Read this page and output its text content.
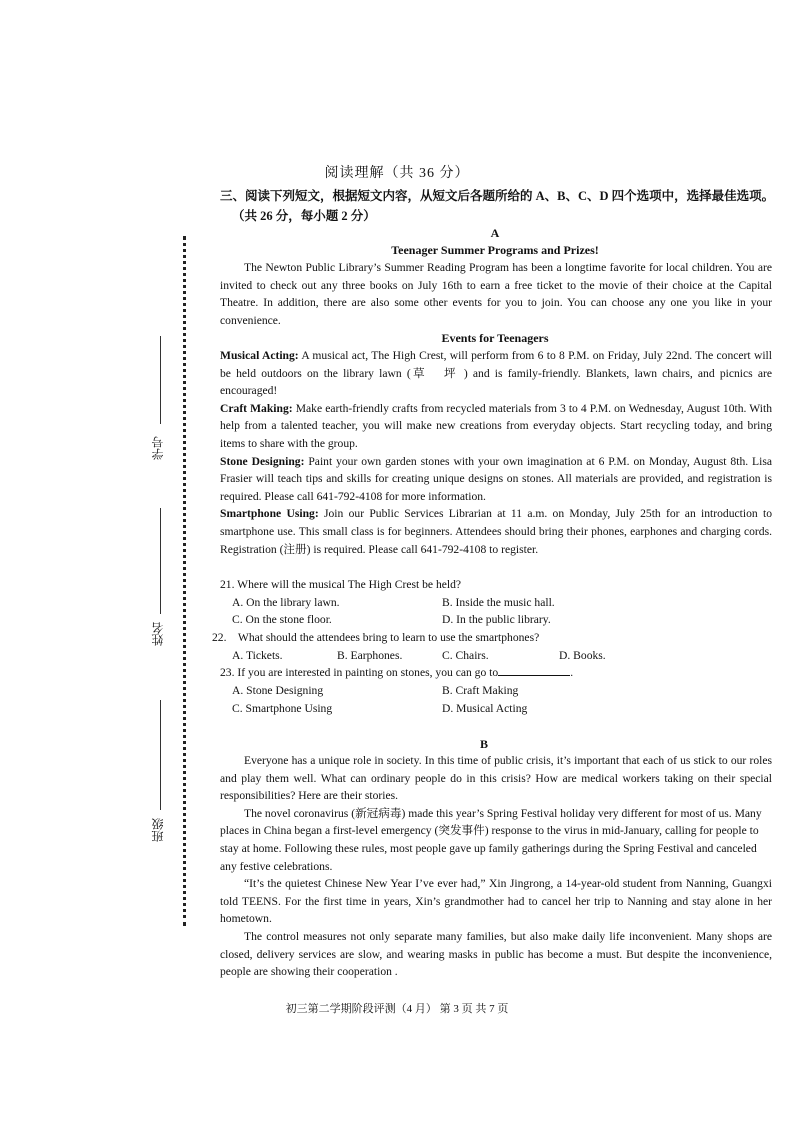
学号
姓名
班级
阅读理解（共 36 分）
三、阅读下列短文，根据短文内容，从短文后各题所给的 A、B、C、D 四个选项中，选择最佳选项。
（共 26 分，每小题 2 分）
A
Teenager Summer Programs and Prizes!
The Newton Public Library’s Summer Reading Program has been a longtime favorite for local children. You are invited to check out any three books on July 16th to earn a free ticket to the movie of their choice at the Capital Theatre. In addition, there are also some other events for you to join. You can choose any one you like in your convenience.
Events for Teenagers

Musical Acting: A musical act, The High Crest, will perform from 6 to 8 P.M. on Friday, July 22nd. The concert will be held outdoors on the library lawn (草 坪) and is family-friendly. Blankets, lawn chairs, and picnics are encouraged!

Craft Making: Make earth-friendly crafts from recycled materials from 3 to 4 P.M. on Wednesday, August 10th. With help from a talented teacher, you will make new creations from everyday objects. Start recycling today, and bring items to share with the group.

Stone Designing: Paint your own garden stones with your own imagination at 6 P.M. on Monday, August 8th. Lisa Frasier will teach tips and skills for creating unique designs on stones. All materials are provided, and registration is required. Please call 641-792-4108 for more information.

Smartphone Using: Join our Public Services Librarian at 11 a.m. on Monday, July 25th for an introduction to smartphone use. This small class is for beginners. Attendees should bring their phones, earphones and charging cords. Registration (注册) is required. Please call 641-792-4108 to register.

21. Where will the musical The High Crest be held?
A. On the library lawn.	B. Inside the music hall.
C. On the stone floor.	D. In the public library.
22.    What should the attendees bring to learn to use the smartphones?
A. Tickets.	B. Earphones.	C. Chairs.	D. Books.
23. If you are interested in painting on stones, you can go to	.
A. Stone Designing	B. Craft Making
C. Smartphone Using	D. Musical Acting
B
Everyone has a unique role in society. In this time of public crisis, it’s important that each of us stick to our roles and play them well. What can ordinary people do in this crisis? How are medical workers taking on their special responsibilities? Here are their stories.
The novel coronavirus (新冠病毒) made this year’s Spring Festival holiday very different for most of us. Many places in China began a first-level emergency (突发事件) response to the virus in mid-January, calling for people to stay at home. Following these rules, most people gave up family gatherings during the Spring Festival and canceled any festive celebrations.
“It’s the quietest Chinese New Year I’ve ever had,” Xin Jingrong, a 14-year-old student from Nanning, Guangxi told TEENS. For the first time in years, Xin’s grandmother had to cancel her trip to Nanning and stay alone in her hometown.
The control measures not only separate many families, but also make daily life inconvenient. Many shops are closed, delivery services are slow, and wearing masks in public has become a must. But despite the inconvenience, people are showing their cooperation .
初三第二学期阶段评测（4 月） 第 3 页 共 7 页
